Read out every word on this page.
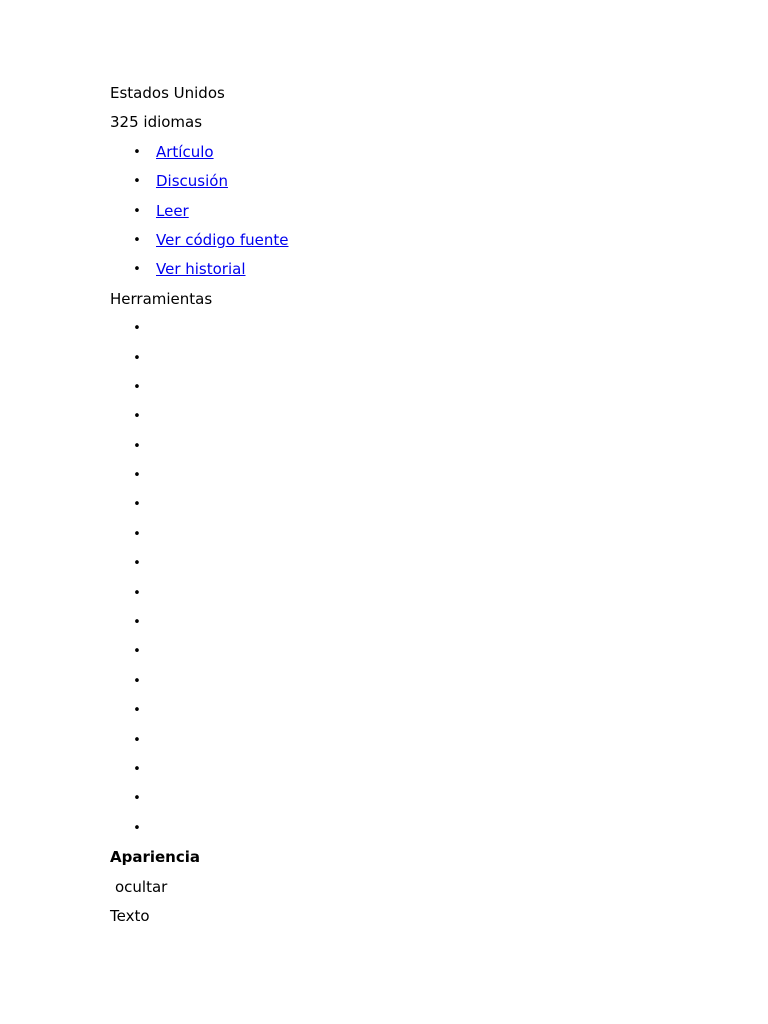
Estados Unidos
325 idiomas
• Artículo
• Discusión
• Leer
• Ver código fuente
• Ver historial
Herramientas
•
•
•
•
•
•
•
•
•
•
•
•
•
•
•
•
•
•
Apariencia
ocultar
Texto
